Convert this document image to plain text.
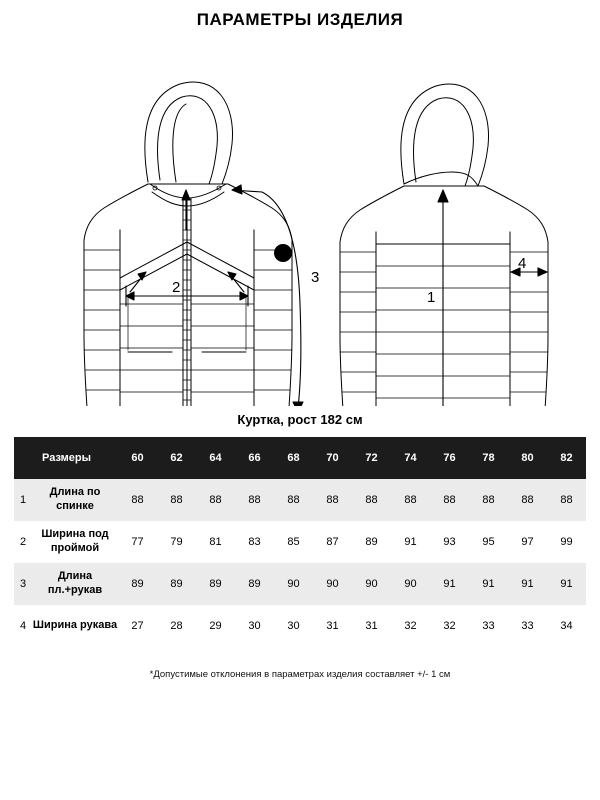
ПАРАМЕТРЫ ИЗДЕЛИЯ
2
3
1
4
Куртка, рост 182 см
	Размеры	60	62	64	66	68	70	72	74	76	78	80	82
1	Длина по спинке	88	88	88	88	88	88	88	88	88	88	88	88
2	Ширина под проймой	77	79	81	83	85	87	89	91	93	95	97	99
3	Длина пл.+рукав	89	89	89	89	90	90	90	90	91	91	91	91
4	Ширина рукава	27	28	29	30	30	31	31	32	32	33	33	34
*Допустимые отклонения в параметрах изделия составляет +/- 1 см
